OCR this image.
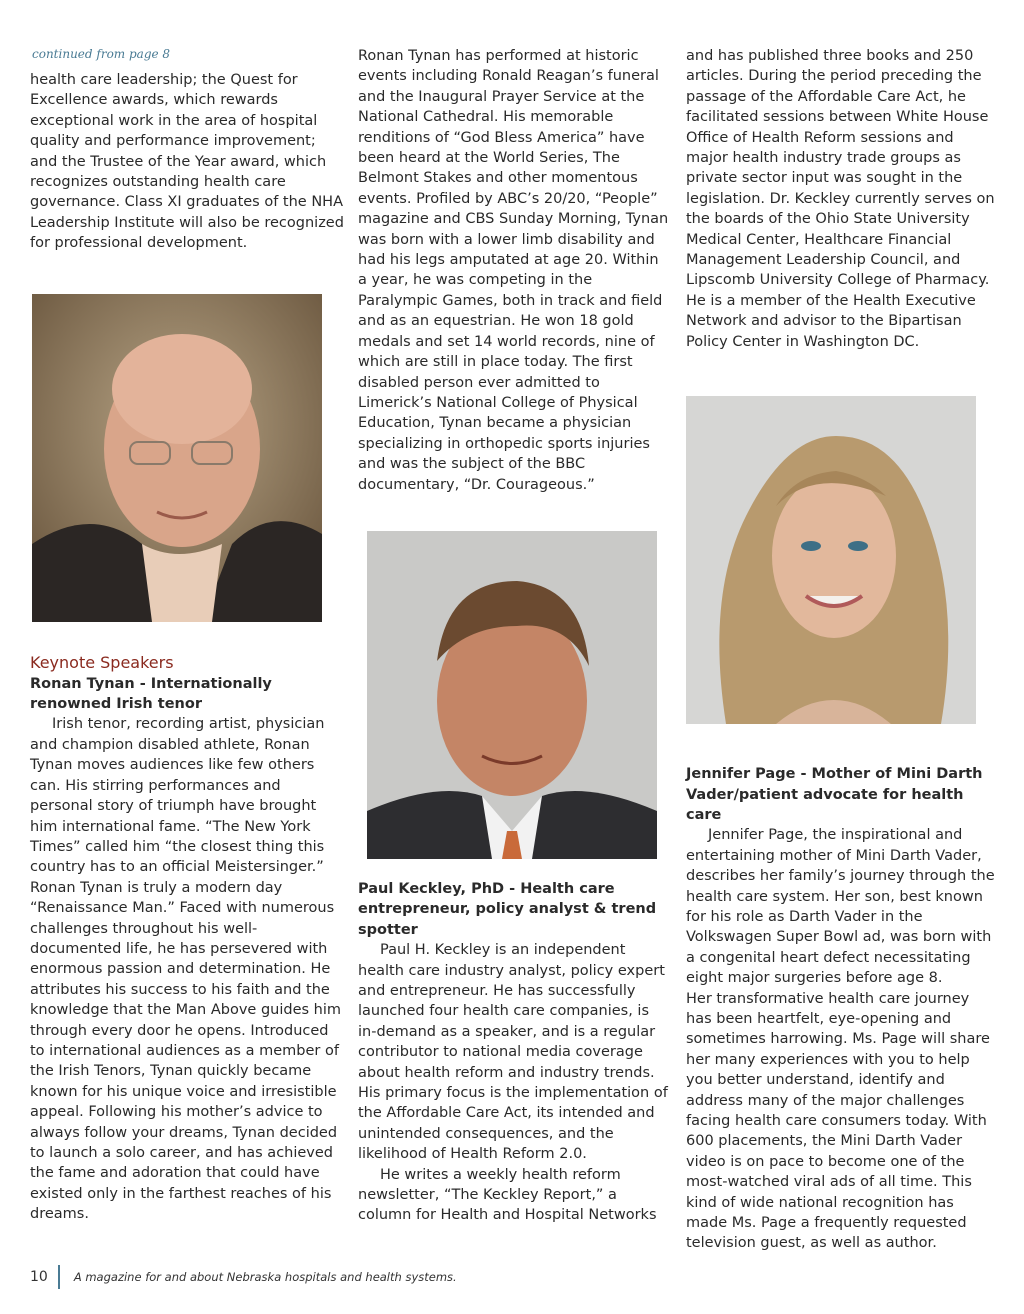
continued from page 8

health care leadership; the Quest for Excellence awards, which rewards exceptional work in the area of hospital quality and performance improvement; and the Trustee of the Year award, which recognizes outstanding health care governance. Class XI graduates of the NHA Leadership Institute will also be recognized for professional development.

Keynote Speakers

Ronan Tynan - Internationally renowned Irish tenor

Irish tenor, recording artist, physician and champion disabled athlete, Ronan Tynan moves audiences like few others can. His stirring performances and personal story of triumph have brought him international fame. “The New York Times” called him “the closest thing this country has to an official Meistersinger.” Ronan Tynan is truly a modern day “Renaissance Man.” Faced with numerous challenges throughout his well-documented life, he has persevered with enormous passion and determination. He attributes his success to his faith and the knowledge that the Man Above guides him through every door he opens. Introduced to international audiences as a member of the Irish Tenors, Tynan quickly became known for his unique voice and irresistible appeal. Following his mother’s advice to always follow your dreams, Tynan decided to launch a solo career, and has achieved the fame and adoration that could have existed only in the farthest reaches of his dreams.

Ronan Tynan has performed at historic events including Ronald Reagan’s funeral and the Inaugural Prayer Service at the National Cathedral. His memorable renditions of “God Bless America” have been heard at the World Series, The Belmont Stakes and other momentous events. Profiled by ABC’s 20/20, “People” magazine and CBS Sunday Morning, Tynan was born with a lower limb disability and had his legs amputated at age 20. Within a year, he was competing in the Paralympic Games, both in track and field and as an equestrian. He won 18 gold medals and set 14 world records, nine of which are still in place today. The first disabled person ever admitted to Limerick’s National College of Physical Education, Tynan became a physician specializing in orthopedic sports injuries and was the subject of the BBC documentary, “Dr. Courageous.”

Paul Keckley, PhD - Health care entrepreneur, policy analyst & trend spotter

Paul H. Keckley is an independent health care industry analyst, policy expert and entrepreneur. He has successfully launched four health care companies, is in-demand as a speaker, and is a regular contributor to national media coverage about health reform and industry trends. His primary focus is the implementation of the Affordable Care Act, its intended and unintended consequences, and the likelihood of Health Reform 2.0.

He writes a weekly health reform newsletter, “The Keckley Report,” a column for Health and Hospital Networks

and has published three books and 250 articles. During the period preceding the passage of the Affordable Care Act, he facilitated sessions between White House Office of Health Reform sessions and major health industry trade groups as private sector input was sought in the legislation. Dr. Keckley currently serves on the boards of the Ohio State University Medical Center, Healthcare Financial Management Leadership Council, and Lipscomb University College of Pharmacy. He is a member of the Health Executive Network and advisor to the Bipartisan Policy Center in Washington DC.

Jennifer Page - Mother of Mini Darth Vader/patient advocate for health care

Jennifer Page, the inspirational and entertaining mother of Mini Darth Vader, describes her family’s journey through the health care system. Her son, best known for his role as Darth Vader in the Volkswagen Super Bowl ad, was born with a congenital heart defect necessitating eight major surgeries before age 8.

Her transformative health care journey has been heartfelt, eye-opening and sometimes harrowing. Ms. Page will share her many experiences with you to help you better understand, identify and address many of the major challenges facing health care consumers today. With 600 placements, the Mini Darth Vader video is on pace to become one of the most-watched viral ads of all time. This kind of wide national recognition has made Ms. Page a frequently requested television guest, as well as author.

10	A magazine for and about Nebraska hospitals and health systems.
